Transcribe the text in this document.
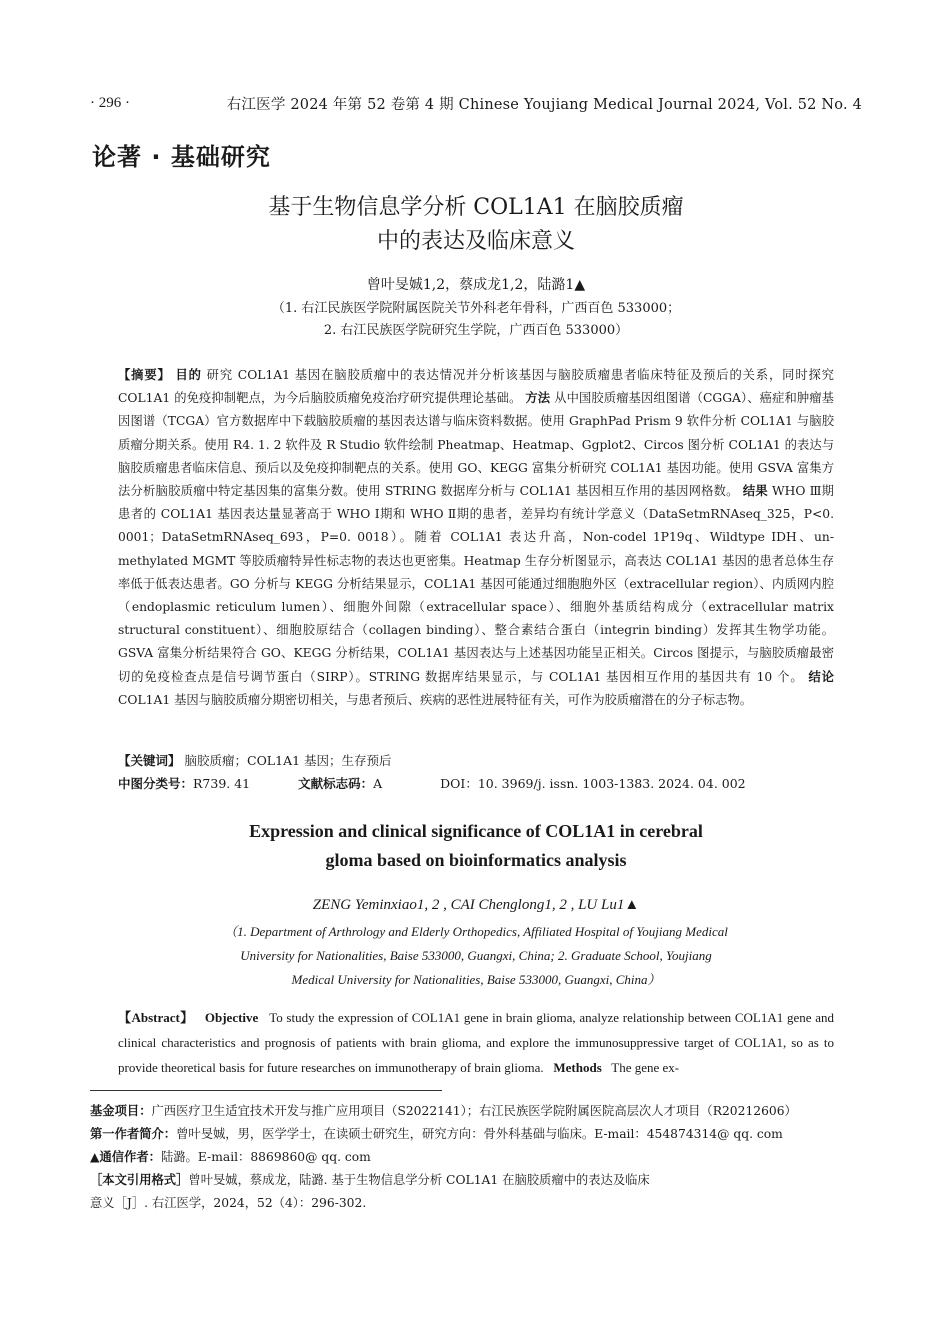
· 296 ·	右江医学 2024 年第 52 卷第 4 期 Chinese Youjiang Medical Journal 2024, Vol. 52 No. 4
论著 · 基础研究
基于生物信息学分析 COL1A1 在脑胶质瘤
中的表达及临床意义
曾叶旻娍1,2，蔡成龙1,2，陆潞1▲
（1. 右江民族医学院附属医院关节外科老年骨科，广西百色 533000；
2. 右江民族医学院研究生学院，广西百色 533000）
【摘要】 目的 研究 COL1A1 基因在脑胶质瘤中的表达情况并分析该基因与脑胶质瘤患者临床特征及预后的关系，同时探究 COL1A1 的免疫抑制靶点，为今后脑胶质瘤免疫治疗研究提供理论基础。 方法 从中国胶质瘤基因组图谱（CGGA）、癌症和肿瘤基因图谱（TCGA）官方数据库中下载脑胶质瘤的基因表达谱与临床资料数据。使用 GraphPad Prism 9 软件分析 COL1A1 与脑胶质瘤分期关系。使用 R4. 1. 2 软件及 R Studio 软件绘制 Pheatmap、Heatmap、Ggplot2、Circos 图分析 COL1A1 的表达与脑胶质瘤患者临床信息、预后以及免疫抑制靶点的关系。使用 GO、KEGG 富集分析研究 COL1A1 基因功能。使用 GSVA 富集方法分析脑胶质瘤中特定基因集的富集分数。使用 STRING 数据库分析与 COL1A1 基因相互作用的基因网格数。 结果 WHO Ⅲ期患者的 COL1A1 基因表达量显著高于 WHO Ⅰ期和 WHO Ⅱ期的患者，差异均有统计学意义（DataSetmRNAseq_325，P<0. 0001；DataSetmRNAseq_693，P=0. 0018）。随着 COL1A1 表达升高，Non-codel 1P19q、Wildtype IDH、un-methylated MGMT 等胶质瘤特异性标志物的表达也更密集。Heatmap 生存分析图显示，高表达 COL1A1 基因的患者总体生存率低于低表达患者。GO 分析与 KEGG 分析结果显示，COL1A1 基因可能通过细胞胞外区（extracellular region）、内质网内腔（endoplasmic reticulum lumen）、细胞外间隙（extracellular space）、细胞外基质结构成分（extracellular matrix structural constituent）、细胞胶原结合（collagen binding）、整合素结合蛋白（integrin binding）发挥其生物学功能。GSVA 富集分析结果符合 GO、KEGG 分析结果，COL1A1 基因表达与上述基因功能呈正相关。Circos 图提示，与脑胶质瘤最密切的免疫检查点是信号调节蛋白（SIRP）。STRING 数据库结果显示，与 COL1A1 基因相互作用的基因共有 10 个。 结论 COL1A1 基因与脑胶质瘤分期密切相关，与患者预后、疾病的恶性进展特征有关，可作为胶质瘤潜在的分子标志物。
【关键词】 脑胶质瘤；COL1A1 基因；生存预后
中图分类号：R739. 41	文献标志码：A	DOI：10. 3969/j. issn. 1003-1383. 2024. 04. 002
Expression and clinical significance of COL1A1 in cerebral
gloma based on bioinformatics analysis
ZENG Yeminxiao1, 2 , CAI Chenglong1, 2 , LU Lu1▲
（1. Department of Arthrology and Elderly Orthopedics, Affiliated Hospital of Youjiang Medical
University for Nationalities, Baise 533000, Guangxi, China; 2. Graduate School, Youjiang
Medical University for Nationalities, Baise 533000, Guangxi, China）
【Abstract】 Objective To study the expression of COL1A1 gene in brain glioma, analyze relationship between COL1A1 gene and clinical characteristics and prognosis of patients with brain glioma, and explore the immunosuppressive target of COL1A1, so as to provide theoretical basis for future researches on immunotherapy of brain glioma. Methods The gene ex-
基金项目：广西医疗卫生适宜技术开发与推广应用项目（S2022141）；右江民族医学院附属医院高层次人才项目（R20212606）
第一作者简介：曾叶旻娍，男，医学学士，在读硕士研究生，研究方向：骨外科基础与临床。E-mail：454874314@ qq. com
▲通信作者：陆潞。E-mail：8869860@ qq. com
［本文引用格式］曾叶旻娍，蔡成龙，陆潞. 基于生物信息学分析 COL1A1 在脑胶质瘤中的表达及临床
意义［J］. 右江医学，2024，52（4）：296-302.
